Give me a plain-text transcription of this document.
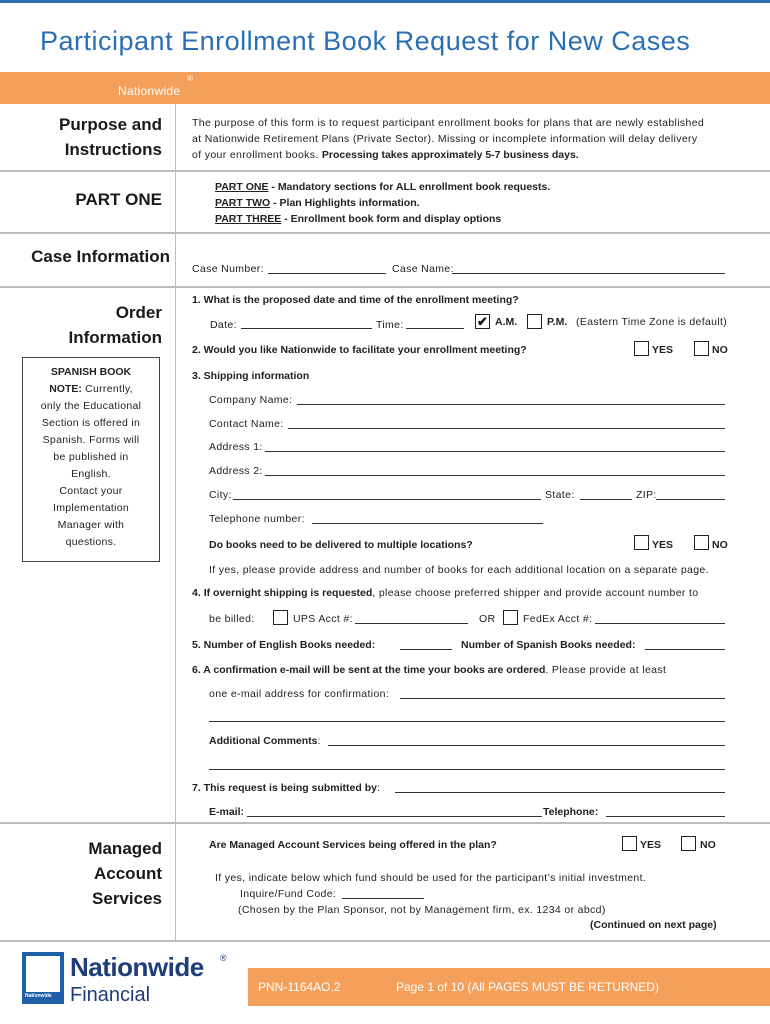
Participant Enrollment Book Request for New Cases
Nationwide
®
Purpose and Instructions
PART ONE
Case Information
Order Information
Managed Account Services
The purpose of this form is to request participant enrollment books for plans that are newly established
at Nationwide Retirement Plans (Private Sector). Missing or incomplete information will delay delivery
of your enrollment books. Processing takes approximately 5-7 business days.
PART ONE - Mandatory sections for ALL enrollment book requests.
PART TWO - Plan Highlights information.
PART THREE - Enrollment book form and display options
Case Number:	Case Name:
1. What is the proposed date and time of the enrollment meeting?
Date:	Time:	✔ A.M.	P.M. (Eastern Time Zone is default)
2. Would you like Nationwide to facilitate your enrollment meeting?	YES	NO
3. Shipping information
Company Name:
Contact Name:
Address 1:
Address 2:
City:	State:	ZIP:
Telephone number:
Do books need to be delivered to multiple locations?	YES	NO
If yes, please provide address and number of books for each additional location on a separate page.
4. If overnight shipping is requested, please choose preferred shipper and provide account number to
be billed:	UPS Acct #:	OR	FedEx Acct #:
5. Number of English Books needed:	Number of Spanish Books needed:
6. A confirmation e-mail will be sent at the time your books are ordered. Please provide at least
one e-mail address for confirmation:
Additional Comments:
7. This request is being submitted by:
E-mail:	Telephone:
SPANISH BOOK
NOTE: Currently,
only the Educational
Section is offered in
Spanish. Forms will
be published in
English.
Contact your
Implementation
Manager with
questions.
Are Managed Account Services being offered in the plan?	YES	NO
If yes, indicate below which fund should be used for the participant’s initial investment.
Inquire/Fund Code:
(Chosen by the Plan Sponsor, not by Management firm, ex. 1234 or abcd)
(Continued on next page)
Nationwide
Nationwide ®
Financial	PNN-1164AO.2	Page 1 of 10 (All PAGES MUST BE RETURNED)
